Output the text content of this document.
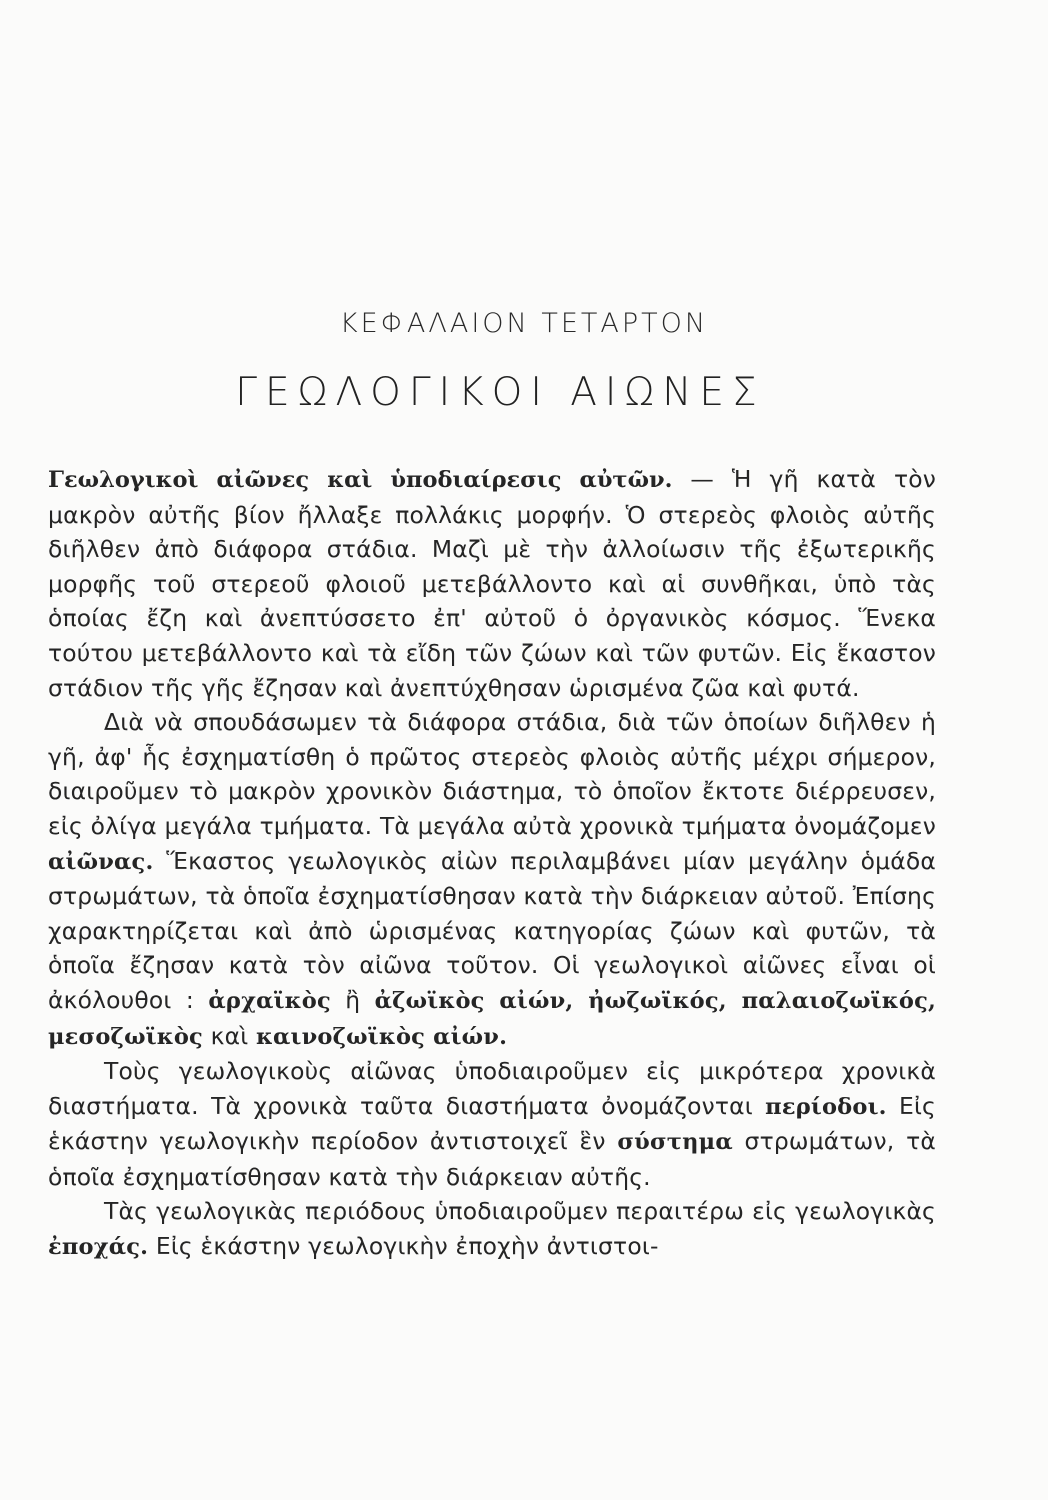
ΚΕΦΑΛΑΙΟΝ ΤΕΤΑΡΤΟΝ
ΓΕΩΛΟΓΙΚΟΙ ΑΙΩΝΕΣ

Γεωλογικοὶ αἰῶνες καὶ ὑποδιαίρεσις αὐτῶν. — Ἡ γῆ κατὰ τὸν μακρὸν αὐτῆς βίον ἤλλαξε πολλάκις μορφήν. Ὁ στερεὸς φλοιὸς αὐτῆς διῆλθεν ἀπὸ διάφορα στάδια. Μαζὶ μὲ τὴν ἀλλοίωσιν τῆς ἐξωτερικῆς μορφῆς τοῦ στερεοῦ φλοιοῦ μετεβάλλοντο καὶ αἱ συνθῆκαι, ὑπὸ τὰς ὁποίας ἔζη καὶ ἀνεπτύσσετο ἐπ' αὐτοῦ ὁ ὀργανικὸς κόσμος. Ἕνεκα τούτου μετεβάλλοντο καὶ τὰ εἴδη τῶν ζώων καὶ τῶν φυτῶν. Εἰς ἕκαστον στάδιον τῆς γῆς ἔζησαν καὶ ἀνεπτύχθησαν ὡρισμένα ζῶα καὶ φυτά.

Διὰ νὰ σπουδάσωμεν τὰ διάφορα στάδια, διὰ τῶν ὁποίων διῆλθεν ἡ γῆ, ἀφ' ἧς ἐσχηματίσθη ὁ πρῶτος στερεὸς φλοιὸς αὐτῆς μέχρι σήμερον, διαιροῦμεν τὸ μακρὸν χρονικὸν διάστημα, τὸ ὁποῖον ἔκτοτε διέρρευσεν, εἰς ὀλίγα μεγάλα τμήματα. Τὰ μεγάλα αὐτὰ χρονικὰ τμήματα ὀνομάζομεν αἰῶνας. Ἕκαστος γεωλογικὸς αἰὼν περιλαμβάνει μίαν μεγάλην ὁμάδα στρωμάτων, τὰ ὁποῖα ἐσχηματίσθησαν κατὰ τὴν διάρκειαν αὐτοῦ. Ἐπίσης χαρακτηρίζεται καὶ ἀπὸ ὡρισμένας κατηγορίας ζώων καὶ φυτῶν, τὰ ὁποῖα ἔζησαν κατὰ τὸν αἰῶνα τοῦτον. Οἱ γεωλογικοὶ αἰῶνες εἶναι οἱ ἀκόλουθοι : ἀρχαϊκὸς ἢ ἀζωϊκὸς αἰών, ἠωζωϊκός, παλαιοζωϊκός, μεσοζωϊκὸς καὶ καινοζωϊκὸς αἰών.

Τοὺς γεωλογικοὺς αἰῶνας ὑποδιαιροῦμεν εἰς μικρότερα χρονικὰ διαστήματα. Τὰ χρονικὰ ταῦτα διαστήματα ὀνομάζονται περίοδοι. Εἰς ἑκάστην γεωλογικὴν περίοδον ἀντιστοιχεῖ ἓν σύστημα στρωμάτων, τὰ ὁποῖα ἐσχηματίσθησαν κατὰ τὴν διάρκειαν αὐτῆς.

Τὰς γεωλογικὰς περιόδους ὑποδιαιροῦμεν περαιτέρω εἰς γεωλογικὰς ἐποχάς. Εἰς ἑκάστην γεωλογικὴν ἐποχὴν ἀντιστοι-
